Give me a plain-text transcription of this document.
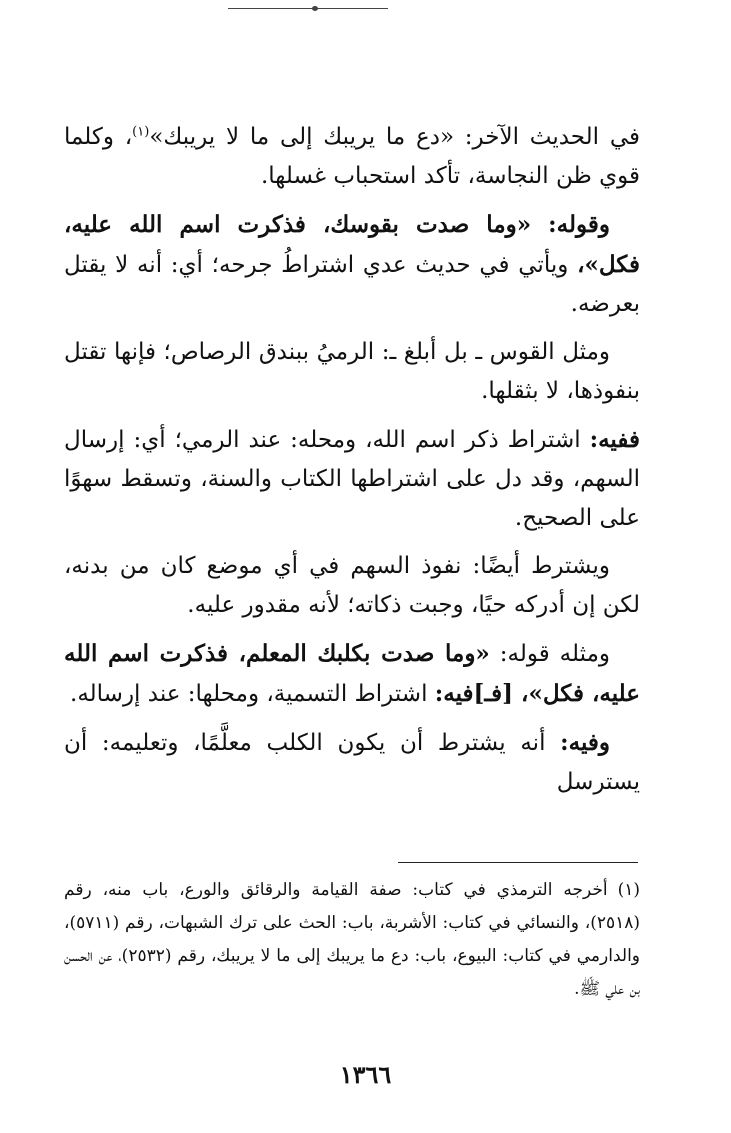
في الحديث الآخر: «دع ما يريبك إلى ما لا يريبك»$^{(١)}$، وكلما قوي ظن النجاسة، تأكد استحباب غسلها.

وقوله: «وما صدت بقوسك، فذكرت اسم الله عليه، فكل»، ويأتي في حديث عدي اشتراطُ جرحه؛ أي: أنه لا يقتل بعرضه.

ومثل القوس ـ بل أبلغ ـ: الرميُ ببندق الرصاص؛ فإنها تقتل بنفوذها، لا بثقلها.

ففيه: اشتراط ذكر اسم الله، ومحله: عند الرمي؛ أي: إرسال السهم، وقد دل على اشتراطها الكتاب والسنة، وتسقط سهوًا على الصحيح.

ويشترط أيضًا: نفوذ السهم في أي موضع كان من بدنه، لكن إن أدركه حيًا، وجبت ذكاته؛ لأنه مقدور عليه.

ومثله قوله: «وما صدت بكلبك المعلم، فذكرت اسم الله عليه، فكل»، [فـ]فيه: اشتراط التسمية، ومحلها: عند إرساله.

وفيه: أنه يشترط أن يكون الكلب معلَّمًا، وتعليمه: أن يسترسل

(١)أخرجه الترمذي في كتاب: صفة القيامة والرقائق والورع، باب منه، رقم (٢٥١٨)، والنسائي في كتاب: الأشربة، باب: الحث على ترك الشبهات، رقم (٥٧١١)، والدارمي في كتاب: البيوع، باب: دع ما يريبك إلى ما لا يريبك، رقم (٢٥٣٢)، عن الحسن بن علي ﷺ.

١٣٦٦
